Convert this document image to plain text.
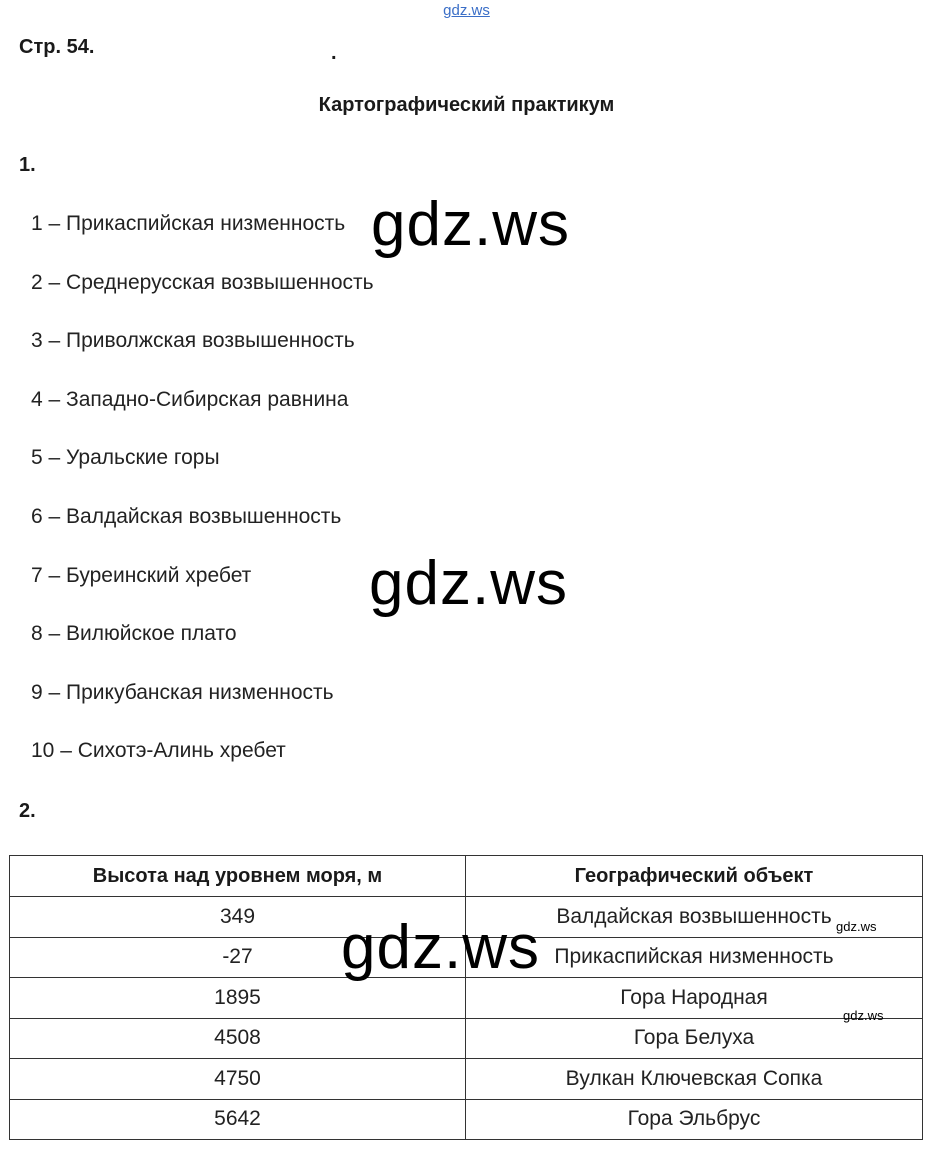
gdz.ws
Стр. 54.	.
Картографический практикум
1.
1 – Прикаспийская низменность
2 – Среднерусская возвышенность
3 – Приволжская возвышенность
4 – Западно-Сибирская равнина
5 – Уральские горы
6 – Валдайская возвышенность
7 – Буреинский хребет
8 – Вилюйское плато
9 – Прикубанская низменность
10 – Сихотэ-Алинь хребет
2.
Высота над уровнем моря, м	Географический объект
349	Валдайская возвышенность
-27	Прикаспийская низменность
1895	Гора Народная
4508	Гора Белуха
4750	Вулкан Ключевская Сопка
5642	Гора Эльбрус
gdz.ws
gdz.ws
gdz.ws	gdz.ws
gdz.ws
